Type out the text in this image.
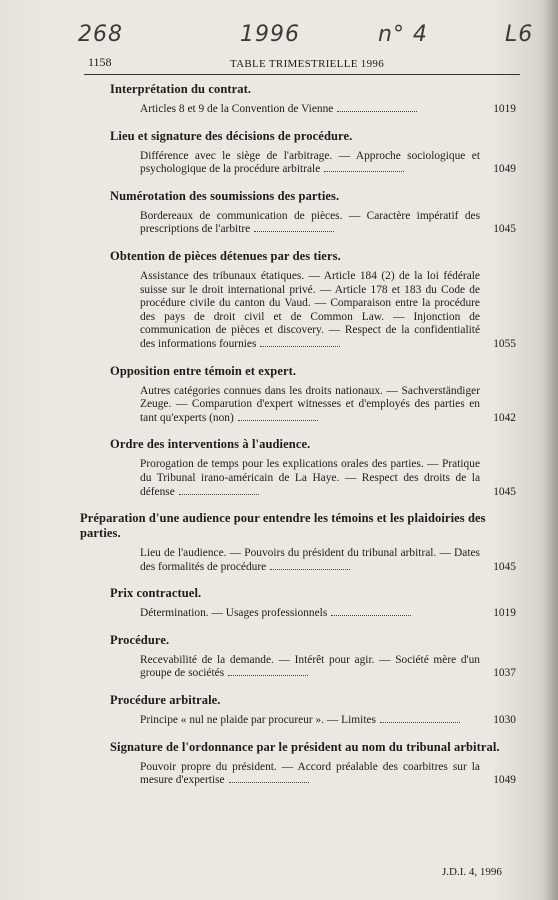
268	1996	n° 4	L6
1158	TABLE TRIMESTRIELLE 1996

Interprétation du contrat.

Articles 8 et 9 de la Convention de Vienne	1019

Lieu et signature des décisions de procédure.

Différence avec le siège de l'arbitrage. — Approche sociologique et psychologique de la procédure arbitrale	1049

Numérotation des soumissions des parties.

Bordereaux de communication de pièces. — Caractère impératif des prescriptions de l'arbitre	1045

Obtention de pièces détenues par des tiers.

Assistance des tribunaux étatiques. — Article 184 (2) de la loi fédérale suisse sur le droit international privé. — Article 178 et 183 du Code de procédure civile du canton du Vaud. — Comparaison entre la procédure des pays de droit civil et de Common Law. — Injonction de communication de pièces et discovery. — Respect de la confidentialité des informations fournies	1055

Opposition entre témoin et expert.

Autres catégories connues dans les droits nationaux. — Sachverständiger Zeuge. — Comparution d'expert witnesses et d'employés des parties en tant qu'experts (non)	1042

Ordre des interventions à l'audience.

Prorogation de temps pour les explications orales des parties. — Pratique du Tribunal irano-américain de La Haye. — Respect des droits de la défense	1045

Préparation d'une audience pour entendre les témoins et les plaidoiries des parties.

Lieu de l'audience. — Pouvoirs du président du tribunal arbitral. — Dates des formalités de procédure	1045

Prix contractuel.

Détermination. — Usages professionnels	1019

Procédure.

Recevabilité de la demande. — Intérêt pour agir. — Société mère d'un groupe de sociétés	1037

Procédure arbitrale.

Principe « nul ne plaide par procureur ». — Limites	1030

Signature de l'ordonnance par le président au nom du tribunal arbitral.

Pouvoir propre du président. — Accord préalable des coarbitres sur la mesure d'expertise	1049
J.D.I. 4, 1996
